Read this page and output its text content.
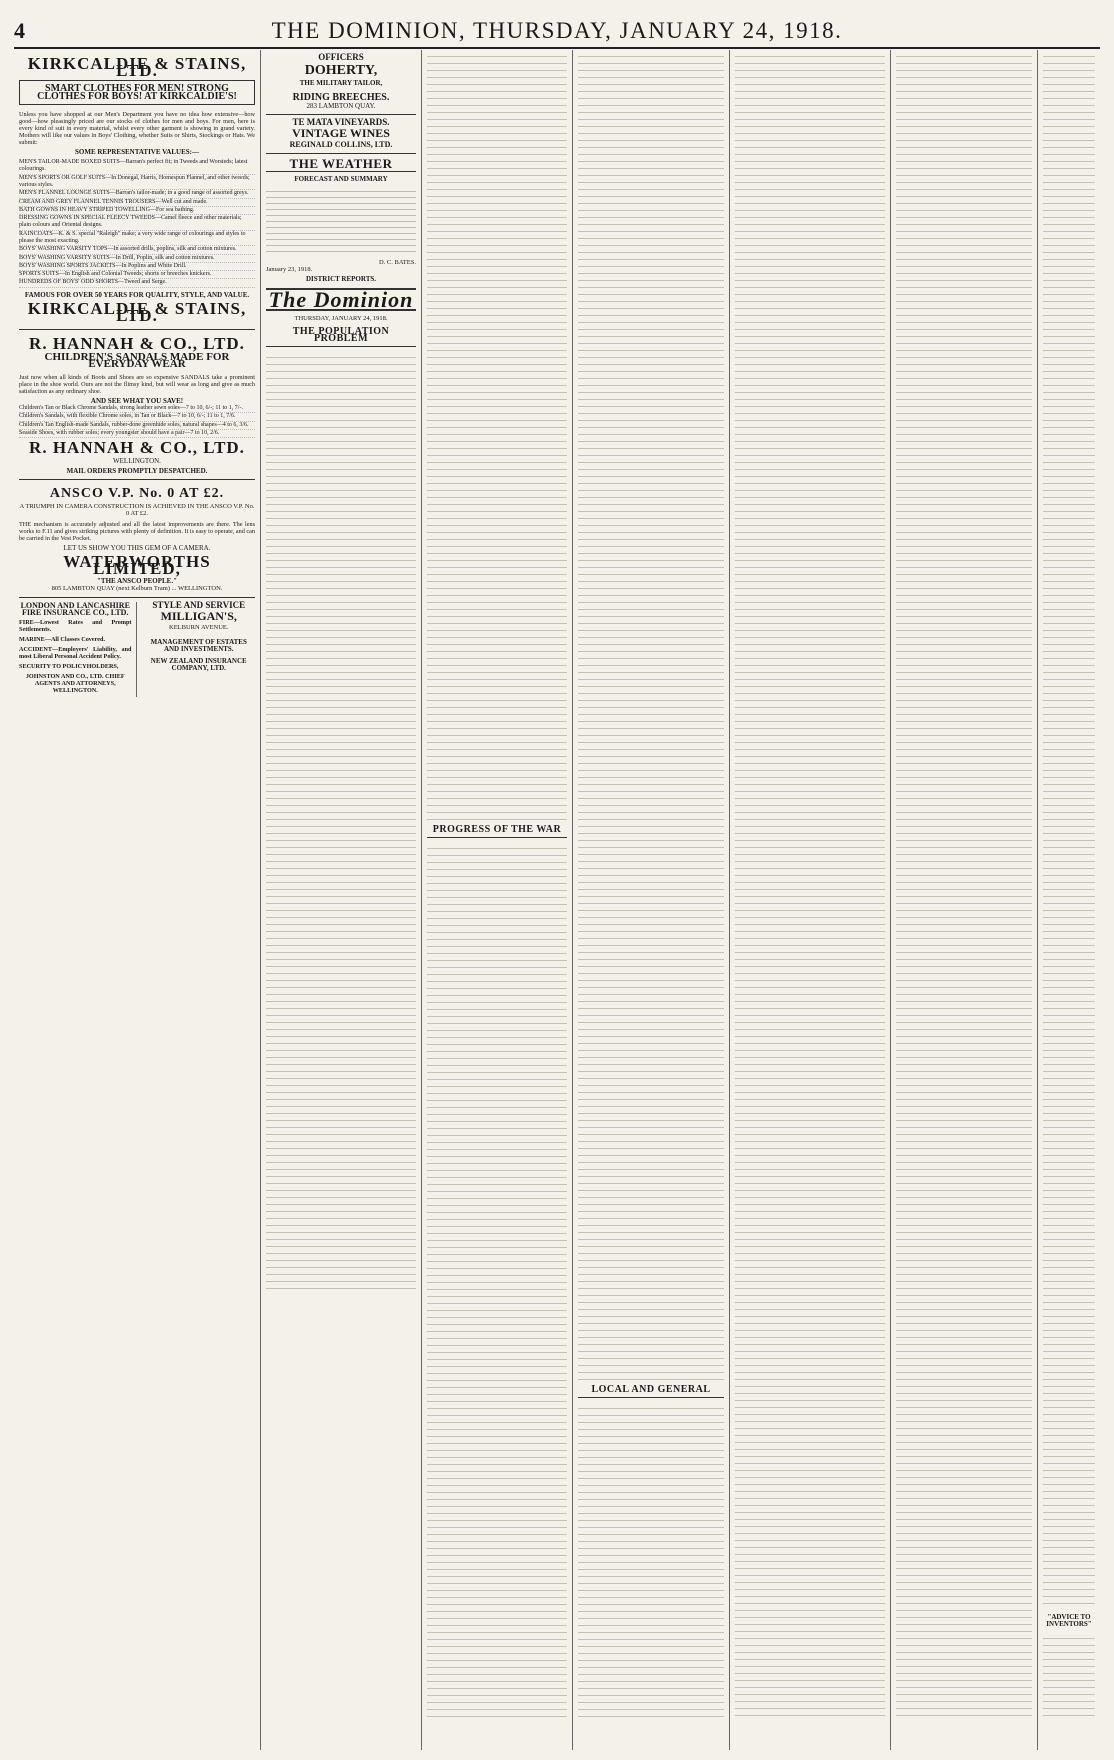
4	THE DOMINION, THURSDAY, JANUARY 24, 1918.
KIRKCALDIE & STAINS, LTD.
SMART CLOTHES FOR MEN! STRONG CLOTHES FOR BOYS! AT KIRKCALDIE'S!
Unless you have shopped at our Men's Department you have no idea how extensive—how good—how pleasingly priced are our stocks of clothes for men and boys. For men, here is every kind of suit in every material, whilst every other garment is showing in grand variety. Mothers will like our values in Boys' Clothing, whether Suits or Shirts, Stockings or Hats. We submit:
SOME REPRESENTATIVE VALUES:—
MEN'S TAILOR-MADE BOXED SUITS—Barran's perfect fit; in Tweeds and Worsteds; latest colourings.
MEN'S SPORTS OR GOLF SUITS—In Donegal, Harris, Homespun Flannel, and other tweeds; various styles.
MEN'S FLANNEL LOUNGE SUITS—Barran's tailor-made; in a good range of assorted greys.
CREAM AND GREY FLANNEL TENNIS TROUSERS—Well cut and made.
BATH GOWNS IN HEAVY STRIPED TOWELLING—For sea bathing.
DRESSING GOWNS IN SPECIAL FLEECY TWEEDS—Camel fleece and other materials; plain colours and Oriental designs.
RAINCOATS—K. & S. special "Raleigh" make; a very wide range of colourings and styles to please the most exacting.
BOYS' WASHING VARSITY TOPS—In assorted drills, poplins, silk and cotton mixtures.
BOYS' WASHING VARSITY SUITS—In Drill, Poplin, silk and cotton mixtures.
BOYS' WASHING SPORTS JACKETS—In Poplins and White Drill.
SPORTS SUITS—In English and Colonial Tweeds; shorts or breeches knickers.
HUNDREDS OF BOYS' ODD SHORTS—Tweed and Serge.
FAMOUS FOR OVER 50 YEARS FOR QUALITY, STYLE, AND VALUE.
KIRKCALDIE & STAINS, LTD.
R. HANNAH & CO., LTD.
CHILDREN'S SANDALS MADE FOR EVERYDAY WEAR
Just now when all kinds of Boots and Shoes are so expensive SANDALS take a prominent place in the shoe world. Ours are not the flimsy kind, but will wear as long and give as much satisfaction as any ordinary shoe.
AND SEE WHAT YOU SAVE!
Children's Tan or Black Chrome Sandals, strong leather sewn soles—7 to 10, 6/-; 11 to 1, 7/-.
Children's Sandals, with flexible Chrome soles, in Tan or Black—7 to 10, 6/-; 11 to 1, 7/6.
Children's Tan English-made Sandals, rubber-done greenhide soles, natural shapes—4 to 6, 3/6.
Seaside Shoes, with rubber soles; every youngster should have a pair—7 to 10, 2/6.
R. HANNAH & CO., LTD.
WELLINGTON.
MAIL ORDERS PROMPTLY DESPATCHED.
ANSCO V.P. No. 0 AT £2.
A TRIUMPH IN CAMERA CONSTRUCTION IS ACHIEVED IN THE ANSCO V.P. No. 0 AT £2.
THE mechanism is accurately adjusted and all the latest improvements are there. The lens works to F.11 and gives striking pictures with plenty of definition. It is easy to operate, and can be carried in the Vest Pocket.
LET US SHOW YOU THIS GEM OF A CAMERA.
WATERWORTHS LIMITED,
"THE ANSCO PEOPLE."
805 LAMBTON QUAY (next Kelburn Tram) ... WELLINGTON.
LONDON AND LANCASHIRE FIRE INSURANCE CO., LTD.
FIRE—Lowest Rates and Prompt Settlements.
MARINE—All Classes Covered.
ACCIDENT—Employers' Liability, and most Liberal Personal Accident Policy.
SECURITY TO POLICYHOLDERS,
JOHNSTON AND CO., LTD. CHIEF AGENTS AND ATTORNEYS, WELLINGTON.
STYLE AND SERVICE
MILLIGAN'S,
KELBURN AVENUE.
MANAGEMENT OF ESTATES AND INVESTMENTS.
NEW ZEALAND INSURANCE COMPANY, LTD.
OFFICERS
DOHERTY,
THE MILITARY TAILOR,
RIDING BREECHES.
283 LAMBTON QUAY.
TE MATA VINEYARDS.
VINTAGE WINES
REGINALD COLLINS, LTD.
THE WEATHER
FORECAST AND SUMMARY
D. C. BATES.
January 23, 1918.
DISTRICT REPORTS.
The Dominion
THURSDAY, JANUARY 24, 1918.
THE POPULATION PROBLEM
PROGRESS OF THE WAR
LOCAL AND GENERAL
"ADVICE TO INVENTORS"
